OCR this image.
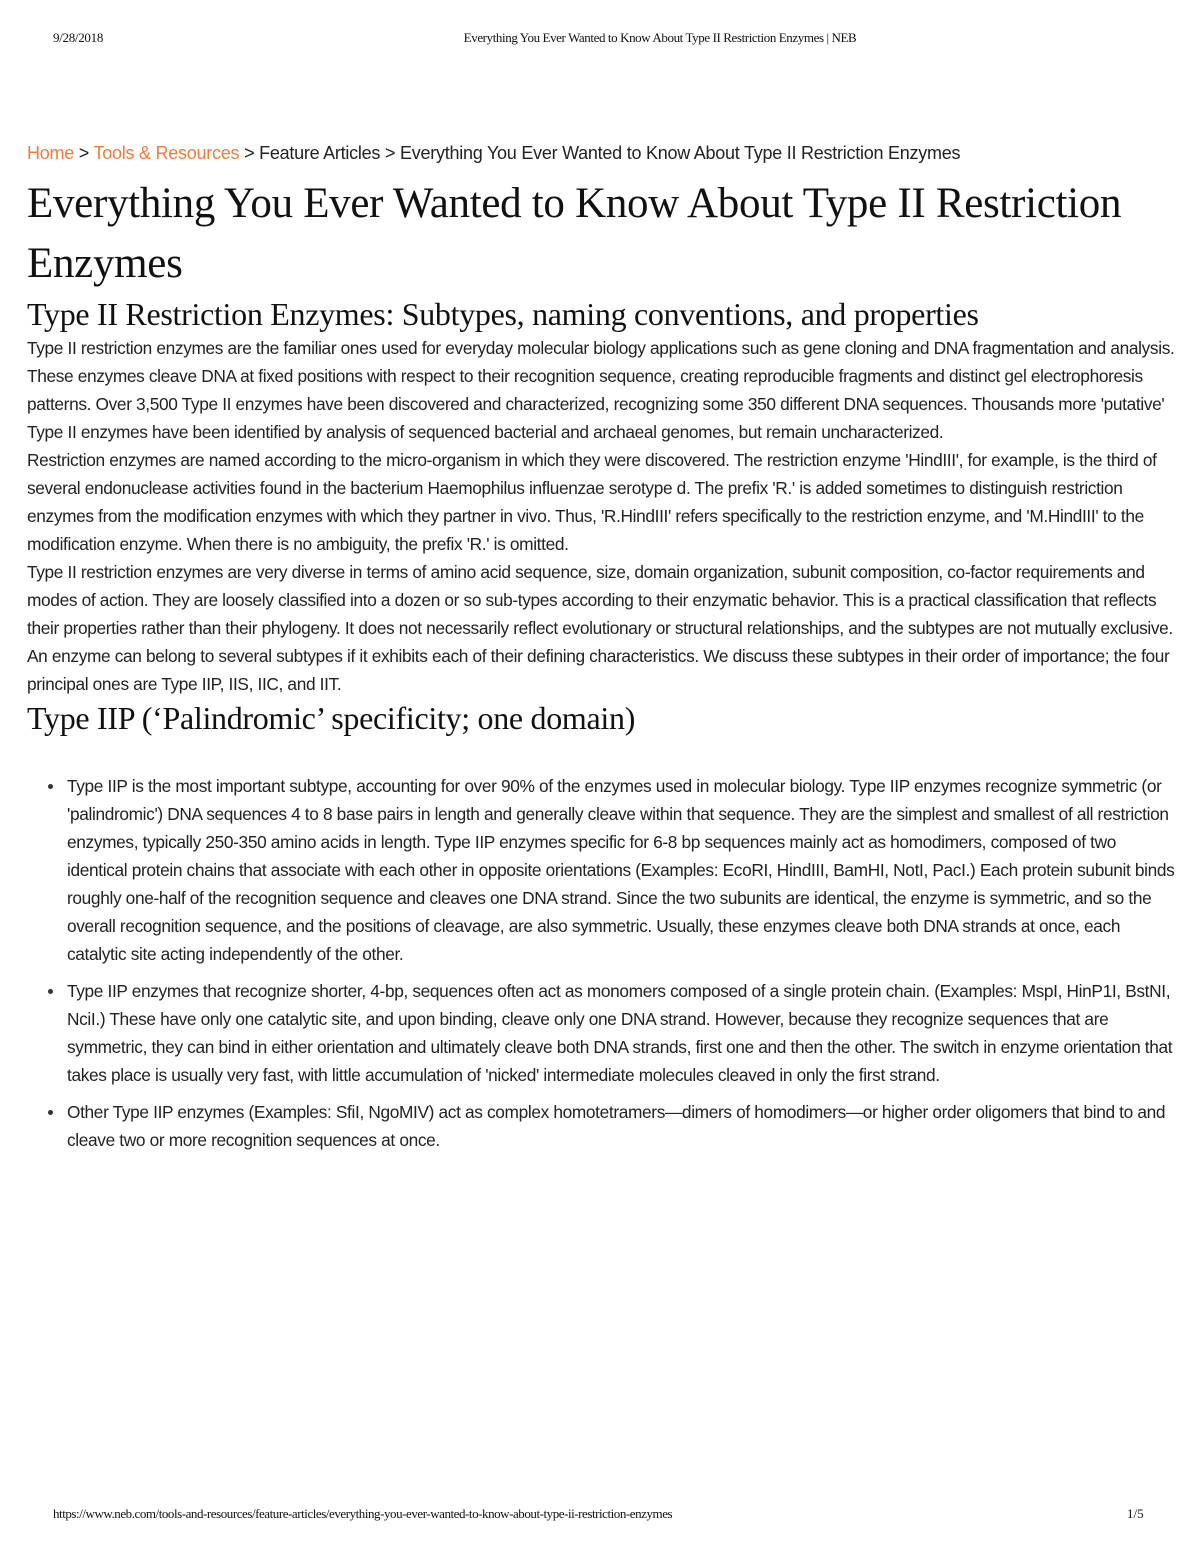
9/28/2018	Everything You Ever Wanted to Know About Type II Restriction Enzymes | NEB
Home > Tools & Resources > Feature Articles > Everything You Ever Wanted to Know About Type II Restriction Enzymes
Everything You Ever Wanted to Know About Type II Restriction Enzymes
Type II Restriction Enzymes: Subtypes, naming conventions, and properties

Type II restriction enzymes are the familiar ones used for everyday molecular biology applications such as gene cloning and DNA fragmentation and analysis. These enzymes cleave DNA at fixed positions with respect to their recognition sequence, creating reproducible fragments and distinct gel electrophoresis patterns. Over 3,500 Type II enzymes have been discovered and characterized, recognizing some 350 different DNA sequences. Thousands more 'putative' Type II enzymes have been identified by analysis of sequenced bacterial and archaeal genomes, but remain uncharacterized.

Restriction enzymes are named according to the micro-organism in which they were discovered. The restriction enzyme 'HindIII', for example, is the third of several endonuclease activities found in the bacterium Haemophilus influenzae serotype d. The prefix 'R.' is added sometimes to distinguish restriction enzymes from the modification enzymes with which they partner in vivo. Thus, 'R.HindIII' refers specifically to the restriction enzyme, and 'M.HindIII' to the modification enzyme. When there is no ambiguity, the prefix 'R.' is omitted.

Type II restriction enzymes are very diverse in terms of amino acid sequence, size, domain organization, subunit composition, co-factor requirements and modes of action. They are loosely classified into a dozen or so sub-types according to their enzymatic behavior. This is a practical classification that reflects their properties rather than their phylogeny. It does not necessarily reflect evolutionary or structural relationships, and the subtypes are not mutually exclusive. An enzyme can belong to several subtypes if it exhibits each of their defining characteristics. We discuss these subtypes in their order of importance; the four principal ones are Type IIP, IIS, IIC, and IIT.

Type IIP (‘Palindromic’ specificity; one domain)
Type IIP is the most important subtype, accounting for over 90% of the enzymes used in molecular biology. Type IIP enzymes recognize symmetric (or 'palindromic') DNA sequences 4 to 8 base pairs in length and generally cleave within that sequence. They are the simplest and smallest of all restriction enzymes, typically 250-350 amino acids in length. Type IIP enzymes specific for 6-8 bp sequences mainly act as homodimers, composed of two identical protein chains that associate with each other in opposite orientations (Examples: EcoRI, HindIII, BamHI, NotI, PacI.) Each protein subunit binds roughly one-half of the recognition sequence and cleaves one DNA strand. Since the two subunits are identical, the enzyme is symmetric, and so the overall recognition sequence, and the positions of cleavage, are also symmetric. Usually, these enzymes cleave both DNA strands at once, each catalytic site acting independently of the other.
Type IIP enzymes that recognize shorter, 4-bp, sequences often act as monomers composed of a single protein chain. (Examples: MspI, HinP1I, BstNI, NciI.) These have only one catalytic site, and upon binding, cleave only one DNA strand. However, because they recognize sequences that are symmetric, they can bind in either orientation and ultimately cleave both DNA strands, first one and then the other. The switch in enzyme orientation that takes place is usually very fast, with little accumulation of 'nicked' intermediate molecules cleaved in only the first strand.
Other Type IIP enzymes (Examples: SfiI, NgoMIV) act as complex homotetramers—dimers of homodimers—or higher order oligomers that bind to and cleave two or more recognition sequences at once.
https://www.neb.com/tools-and-resources/feature-articles/everything-you-ever-wanted-to-know-about-type-ii-restriction-enzymes	1/5
